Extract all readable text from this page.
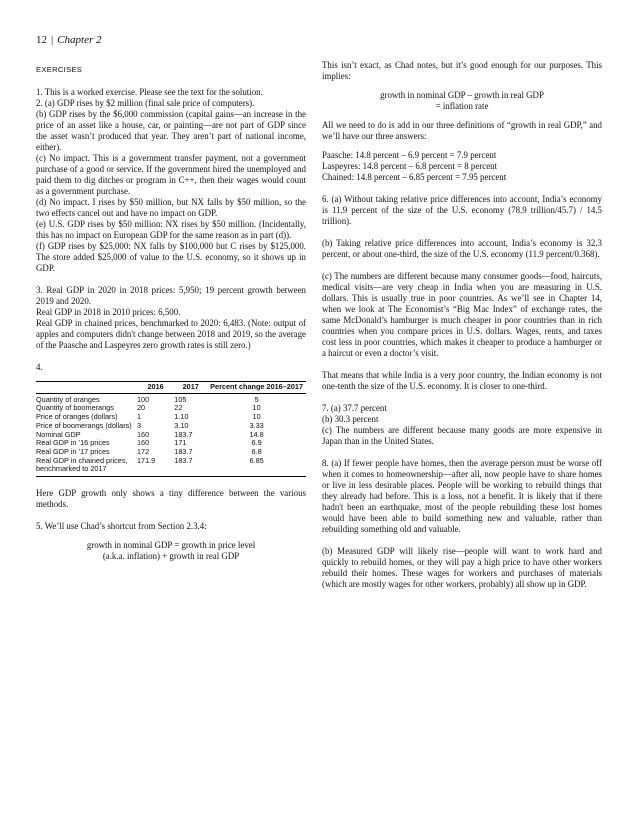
12 | Chapter 2
EXERCISES

1. This is a worked exercise. Please see the text for the solution.

2. (a) GDP rises by $2 million (final sale price of computers).

(b) GDP rises by the $6,000 commission (capital gains—an increase in the price of an asset like a house, car, or painting—are not part of GDP since the asset wasn’t produced that year. They aren’t part of national income, either).

(c) No impact. This is a government transfer payment, not a government purchase of a good or service. If the government hired the unemployed and paid them to dig ditches or program in C++, then their wages would count as a government purchase.

(d) No impact. I rises by $50 million, but NX falls by $50 million, so the two effects cancel out and have no impact on GDP.

(e) U.S. GDP rises by $50 million: NX rises by $50 million. (Incidentally, this has no impact on European GDP for the same reason as in part (d)).

(f) GDP rises by $25,000: NX falls by $100,000 but C rises by $125,000. The store added $25,000 of value to the U.S. economy, so it shows up in GDP.

3. Real GDP in 2020 in 2018 prices: 5,950; 19 percent growth between 2019 and 2020.

Real GDP in 2018 in 2010 prices: 6,500.

Real GDP in chained prices, benchmarked to 2020: 6,483. (Note: output of apples and computers didn't change between 2018 and 2019, so the average of the Paasche and Laspeyres zero growth rates is still zero.)

4.

	2016	2017	Percent change 2016–2017

Quantity of oranges	100	105	5
Quantity of boomerangs	20	22	10
Price of oranges (dollars)	1	1.10	10
Price of boomerangs (dollars)	3	3.10	3.33
Nominal GDP	160	183.7	14.8
Real GDP in ’16 prices	160	171	6.9
Real GDP in ’17 prices	172	183.7	6.8
Real GDP in chained prices, benchmarked to 2017	171.9	183.7	6.85

Here GDP growth only shows a tiny difference between the various methods.

5. We’ll use Chad’s shortcut from Section 2.3.4:

growth in nominal GDP = growth in price level

(a.k.a. inflation) + growth in real GDP

This isn’t exact, as Chad notes, but it’s good enough for our purposes. This implies:

growth in nominal GDP – growth in real GDP

= inflation rate

All we need to do is add in our three definitions of “growth in real GDP,” and we’ll have our three answers:

Paasche: 14.8 percent – 6.9 percent = 7.9 percent

Laspeyres: 14.8 percent – 6.8 percent = 8 percent

Chained: 14.8 percent – 6.85 percent = 7.95 percent

6. (a) Without taking relative price differences into account, India’s economy is 11.9 percent of the size of the U.S. economy (78.9 trillion/45.7) / 14.5 trillion).

(b) Taking relative price differences into account, India’s economy is 32.3 percent, or about one-third, the size of the U.S. economy (11.9 percent/0.368).

(c) The numbers are different because many consumer goods—food, haircuts, medical visits—are very cheap in India when you are measuring in U.S. dollars. This is usually true in poor countries. As we’ll see in Chapter 14, when we look at The Economist’s “Big Mac Index” of exchange rates, the same McDonald’s hamburger is much cheaper in poor countries than in rich countries when you compare prices in U.S. dollars. Wages, rents, and taxes cost less in poor countries, which makes it cheaper to produce a hamburger or a haircut or even a doctor’s visit.

That means that while India is a very poor country, the Indian economy is not one-tenth the size of the U.S. economy. It is closer to one-third.

7. (a) 37.7 percent

(b) 30.3 percent

(c) The numbers are different because many goods are more expensive in Japan than in the United States.

8. (a) If fewer people have homes, then the average person must be worse off when it comes to homeownership—after all, now people have to share homes or live in less desirable places. People will be working to rebuild things that they already had before. This is a loss, not a benefit. It is likely that if there hadn't been an earthquake, most of the people rebuilding these lost homes would have been able to build something new and valuable, rather than rebuilding something old and valuable.

(b) Measured GDP will likely rise—people will want to work hard and quickly to rebuild homes, or they will pay a high price to have other workers rebuild their homes. These wages for workers and purchases of materials (which are mostly wages for other workers, probably) all show up in GDP.
